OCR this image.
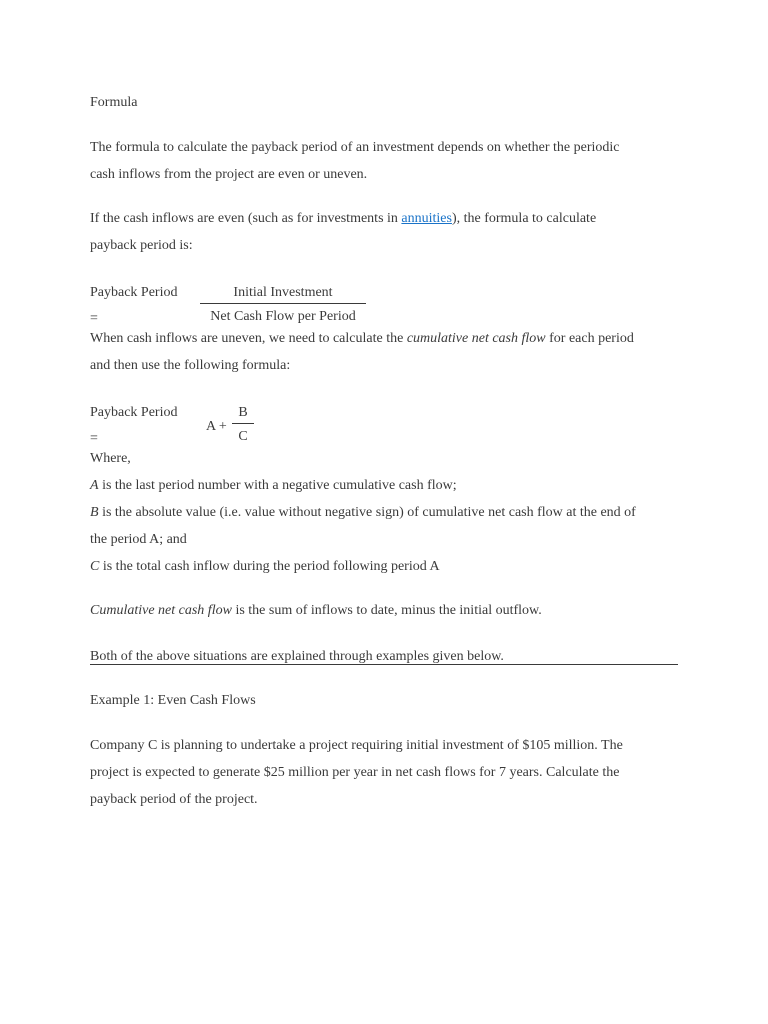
Formula
The formula to calculate the payback period of an investment depends on whether the periodic
cash inflows from the project are even or uneven.
If the cash inflows are even (such as for investments in annuities), the formula to calculate
payback period is:
Payback Period
=
Initial Investment
Net Cash Flow per Period
When cash inflows are uneven, we need to calculate the cumulative net cash flow for each period
and then use the following formula:
Payback Period
=
A +
B
C
Where,
A is the last period number with a negative cumulative cash flow;
B is the absolute value (i.e. value without negative sign) of cumulative net cash flow at the end of
the period A; and
C is the total cash inflow during the period following period A
Cumulative net cash flow is the sum of inflows to date, minus the initial outflow.
Both of the above situations are explained through examples given below.
Example 1: Even Cash Flows
Company C is planning to undertake a project requiring initial investment of $105 million. The
project is expected to generate $25 million per year in net cash flows for 7 years. Calculate the
payback period of the project.
